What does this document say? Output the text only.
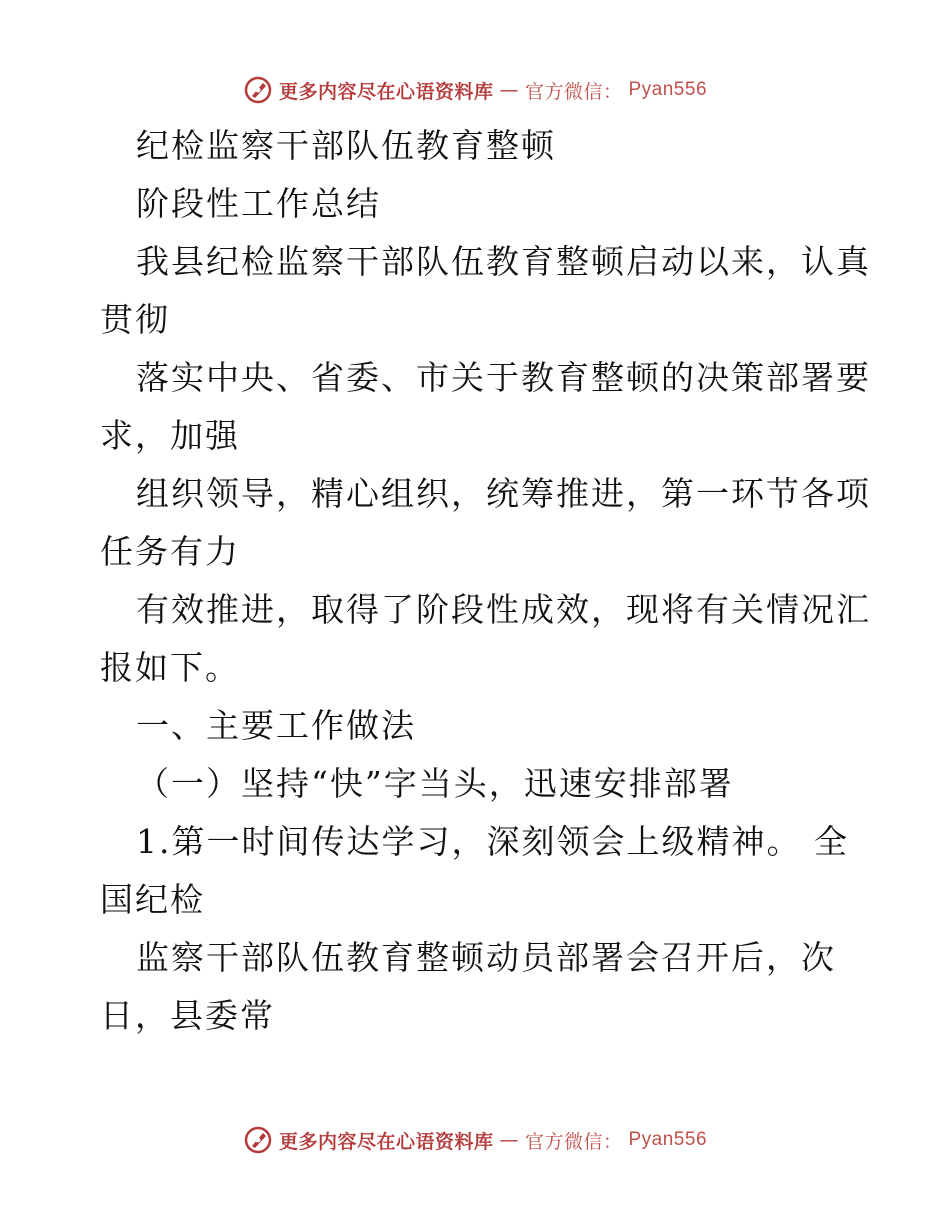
更多内容尽在心语资料库 — 官方微信： Pyan556
纪检监察干部队伍教育整顿
阶段性工作总结
我县纪检监察干部队伍教育整顿启动以来，认真
贯彻
落实中央、省委、市关于教育整顿的决策部署要
求，加强
组织领导，精心组织，统筹推进，第一环节各项
任务有力
有效推进，取得了阶段性成效，现将有关情况汇
报如下。
一、主要工作做法
（一）坚持“快”字当头，迅速安排部署
1.第一时间传达学习，深刻领会上级精神。 全
国纪检
监察干部队伍教育整顿动员部署会召开后，次
日，县委常
更多内容尽在心语资料库 — 官方微信： Pyan556
